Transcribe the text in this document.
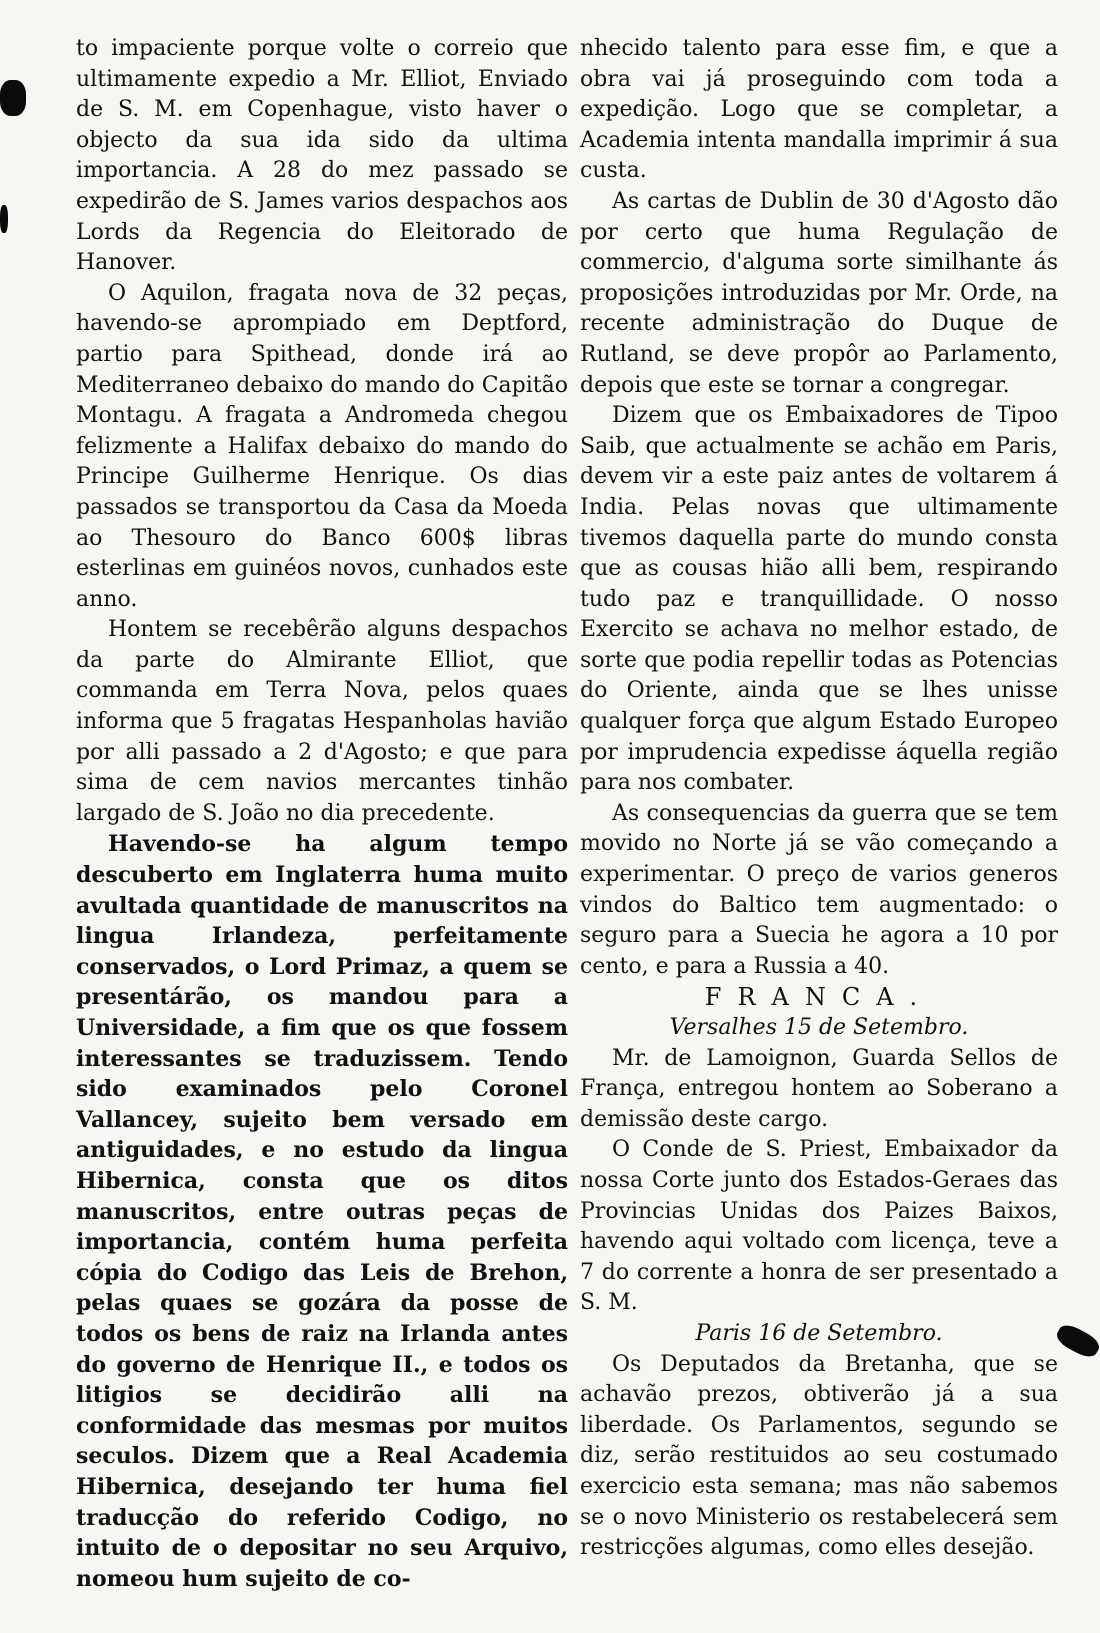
to impaciente porque volte o correio que ultimamente expedio a Mr. Elliot, Enviado de S. M. em Copenhague, visto haver o objecto da sua ida sido da ultima importancia. A 28 do mez passado se expedirão de S. James varios despachos aos Lords da Regencia do Eleitorado de Hanover.

O Aquilon, fragata nova de 32 peças, havendo-se aprompiado em Deptford, partio para Spithead, donde irá ao Mediterraneo debaixo do mando do Capitão Montagu. A fragata a Andromeda chegou felizmente a Halifax debaixo do mando do Principe Guilherme Henrique. Os dias passados se transportou da Casa da Moeda ao Thesouro do Banco 600$ libras esterlinas em guinéos novos, cunhados este anno.

Hontem se recebêrão alguns despachos da parte do Almirante Elliot, que commanda em Terra Nova, pelos quaes informa que 5 fragatas Hespanholas havião por alli passado a 2 d'Agosto; e que para sima de cem navios mercantes tinhão largado de S. João no dia precedente.

Havendo-se ha algum tempo descuberto em Inglaterra huma muito avultada quantidade de manuscritos na lingua Irlandeza, perfeitamente conservados, o Lord Primaz, a quem se presentárão, os mandou para a Universidade, a fim que os que fossem interessantes se traduzissem. Tendo sido examinados pelo Coronel Vallancey, sujeito bem versado em antiguidades, e no estudo da lingua Hibernica, consta que os ditos manuscritos, entre outras peças de importancia, contém huma perfeita cópia do Codigo das Leis de Brehon, pelas quaes se gozára da posse de todos os bens de raiz na Irlanda antes do governo de Henrique II., e todos os litigios se decidirão alli na conformidade das mesmas por muitos seculos. Dizem que a Real Academia Hibernica, desejando ter huma fiel traducção do referido Codigo, no intuito de o depositar no seu Arquivo, nomeou hum sujeito de co-

nhecido talento para esse fim, e que a obra vai já proseguindo com toda a expedição. Logo que se completar, a Academia intenta mandalla imprimir á sua custa.

As cartas de Dublin de 30 d'Agosto dão por certo que huma Regulação de commercio, d'alguma sorte similhante ás proposições introduzidas por Mr. Orde, na recente administração do Duque de Rutland, se deve propôr ao Parlamento, depois que este se tornar a congregar.

Dizem que os Embaixadores de Tipoo Saib, que actualmente se achão em Paris, devem vir a este paiz antes de voltarem á India. Pelas novas que ultimamente tivemos daquella parte do mundo consta que as cousas hião alli bem, respirando tudo paz e tranquillidade. O nosso Exercito se achava no melhor estado, de sorte que podia repellir todas as Potencias do Oriente, ainda que se lhes unisse qualquer força que algum Estado Europeo por imprudencia expedisse áquella região para nos combater.

As consequencias da guerra que se tem movido no Norte já se vão começando a experimentar. O preço de varios generos vindos do Baltico tem augmentado: o seguro para a Suecia he agora a 10 por cento, e para a Russia a 40.

FRANCA.

Versalhes 15 de Setembro.

Mr. de Lamoignon, Guarda Sellos de França, entregou hontem ao Soberano a demissão deste cargo.

O Conde de S. Priest, Embaixador da nossa Corte junto dos Estados-Geraes das Provincias Unidas dos Paizes Baixos, havendo aqui voltado com licença, teve a 7 do corrente a honra de ser presentado a S. M.

Paris 16 de Setembro.

Os Deputados da Bretanha, que se achavão prezos, obtiverão já a sua liberdade. Os Parlamentos, segundo se diz, serão restituidos ao seu costumado exercicio esta semana; mas não sabemos se o novo Ministerio os restabelecerá sem restricções algumas, como elles desejão.
